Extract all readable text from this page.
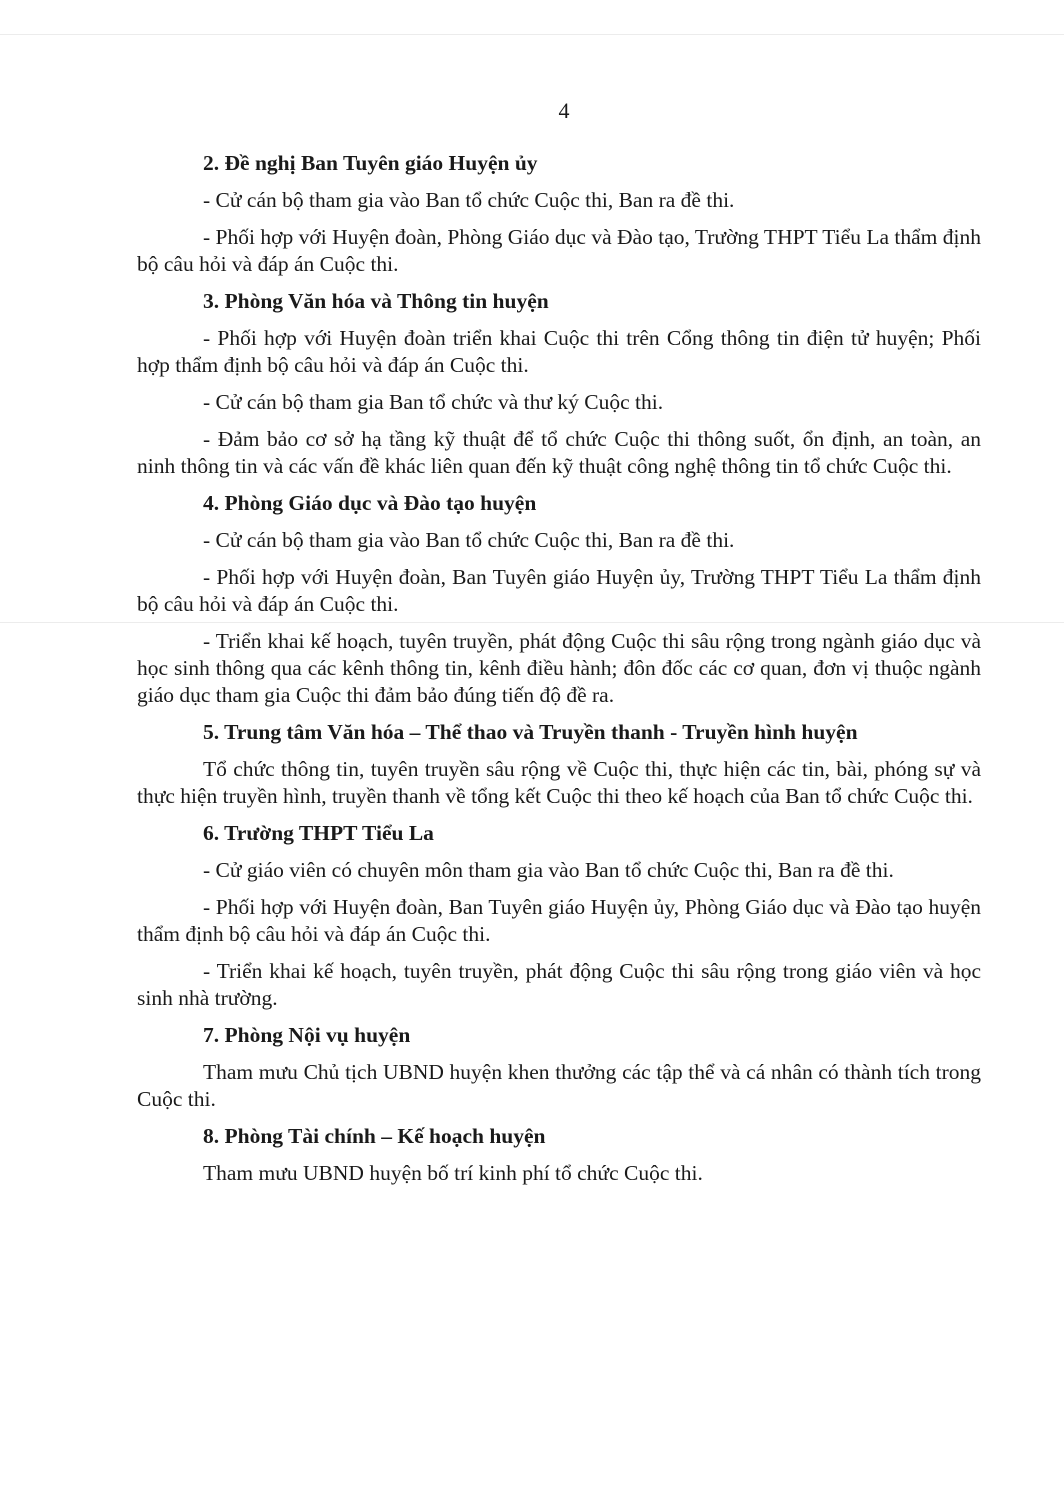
4

2. Đề nghị Ban Tuyên giáo Huyện ủy

- Cử cán bộ tham gia vào Ban tổ chức Cuộc thi, Ban ra đề thi.

- Phối hợp với Huyện đoàn, Phòng Giáo dục và Đào tạo, Trường THPT Tiểu La thẩm định bộ câu hỏi và đáp án Cuộc thi.

3. Phòng Văn hóa và Thông tin huyện

- Phối hợp với Huyện đoàn triển khai Cuộc thi trên Cổng thông tin điện tử huyện; Phối hợp thẩm định bộ câu hỏi và đáp án Cuộc thi.

- Cử cán bộ tham gia Ban tổ chức và thư ký Cuộc thi.

- Đảm bảo cơ sở hạ tầng kỹ thuật để tổ chức Cuộc thi thông suốt, ổn định, an toàn, an ninh thông tin và các vấn đề khác liên quan đến kỹ thuật công nghệ thông tin tổ chức Cuộc thi.

4. Phòng Giáo dục và Đào tạo huyện

- Cử cán bộ tham gia vào Ban tổ chức Cuộc thi, Ban ra đề thi.

- Phối hợp với Huyện đoàn, Ban Tuyên giáo Huyện ủy, Trường THPT Tiểu La thẩm định bộ câu hỏi và đáp án Cuộc thi.

- Triển khai kế hoạch, tuyên truyền, phát động Cuộc thi sâu rộng trong ngành giáo dục và học sinh thông qua các kênh thông tin, kênh điều hành; đôn đốc các cơ quan, đơn vị thuộc ngành giáo dục tham gia Cuộc thi đảm bảo đúng tiến độ đề ra.

5. Trung tâm Văn hóa – Thể thao và Truyền thanh - Truyền hình huyện

Tổ chức thông tin, tuyên truyền sâu rộng về Cuộc thi, thực hiện các tin, bài, phóng sự và thực hiện truyền hình, truyền thanh về tổng kết Cuộc thi theo kế hoạch của Ban tổ chức Cuộc thi.

6. Trường THPT Tiểu La

- Cử giáo viên có chuyên môn tham gia vào Ban tổ chức Cuộc thi, Ban ra đề thi.

- Phối hợp với Huyện đoàn, Ban Tuyên giáo Huyện ủy, Phòng Giáo dục và Đào tạo huyện thẩm định bộ câu hỏi và đáp án Cuộc thi.

- Triển khai kế hoạch, tuyên truyền, phát động Cuộc thi sâu rộng trong giáo viên và học sinh nhà trường.

7. Phòng Nội vụ huyện

Tham mưu Chủ tịch UBND huyện khen thưởng các tập thể và cá nhân có thành tích trong Cuộc thi.

8. Phòng Tài chính – Kế hoạch huyện

Tham mưu UBND huyện bố trí kinh phí tổ chức Cuộc thi.
